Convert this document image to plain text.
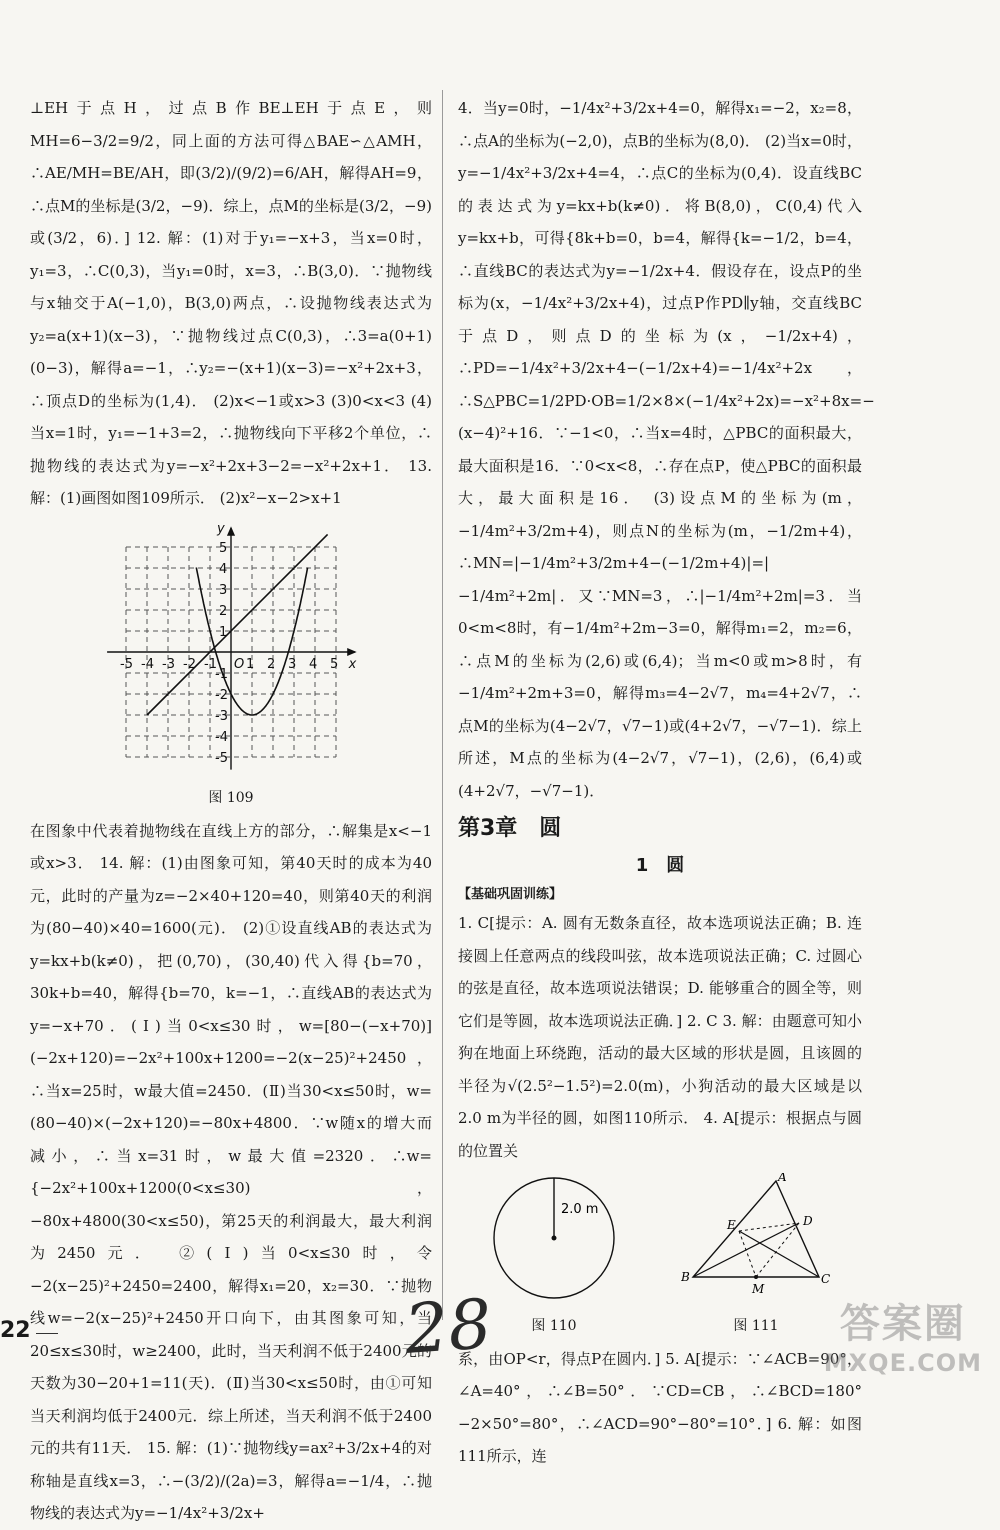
⊥EH于点H，过点B作BE⊥EH于点E，则MH=6−3/2=9/2，同上面的方法可得△BAE∽△AMH，∴AE/MH=BE/AH，即(3/2)/(9/2)=6/AH，解得AH=9，∴点M的坐标是(3/2，−9)．综上，点M的坐标是(3/2，−9)或(3/2，6)．] 12. 解：(1)对于y₁=−x+3，当x=0时，y₁=3，∴C(0,3)，当y₁=0时，x=3，∴B(3,0)．∵抛物线与x轴交于A(−1,0)，B(3,0)两点，∴设抛物线表达式为y₂=a(x+1)(x−3)，∵抛物线过点C(0,3)，∴3=a(0+1)(0−3)，解得a=−1，∴y₂=−(x+1)(x−3)=−x²+2x+3，∴顶点D的坐标为(1,4)． (2)x<−1或x>3 (3)0<x<3 (4)当x=1时，y₁=−1+3=2，∴抛物线向下平移2个单位，∴抛物线的表达式为y=−x²+2x+3−2=−x²+2x+1． 13. 解：(1)画图如图109所示． (2)x²−x−2>x+1

-5 -4 -3 -2 -1 1 2 3 4 5
5
4
3
2
1
-1
-2
-3
-4
-5
O	x
y
图 109

在图象中代表着抛物线在直线上方的部分，∴解集是x<−1或x>3． 14. 解：(1)由图象可知，第40天时的成本为40元，此时的产量为z=−2×40+120=40，则第40天的利润为(80−40)×40=1600(元)． (2)①设直线AB的表达式为y=kx+b(k≠0)，把(0,70)，(30,40)代入得{b=70，30k+b=40，解得{b=70，k=−1，∴直线AB的表达式为y=−x+70．(Ⅰ)当0<x≤30时，w=[80−(−x+70)](−2x+120)=−2x²+100x+1200=−2(x−25)²+2450，∴当x=25时，w最大值=2450．(Ⅱ)当30<x≤50时，w=(80−40)×(−2x+120)=−80x+4800．∵w随x的增大而减小，∴当x=31时，w最大值=2320．∴w={−2x²+100x+1200(0<x≤30)，−80x+4800(30<x≤50)，第25天的利润最大，最大利润为2450元． ②(Ⅰ)当0<x≤30时，令−2(x−25)²+2450=2400，解得x₁=20，x₂=30．∵抛物线w=−2(x−25)²+2450开口向下，由其图象可知，当20≤x≤30时，w≥2400，此时，当天利润不低于2400元的天数为30−20+1=11(天)．(Ⅱ)当30<x≤50时，由①可知当天利润均低于2400元．综上所述，当天利润不低于2400元的共有11天． 15. 解：(1)∵抛物线y=ax²+3/2x+4的对称轴是直线x=3，∴−(3/2)/(2a)=3，解得a=−1/4，∴抛物线的表达式为y=−1/4x²+3/2x+

4．当y=0时，−1/4x²+3/2x+4=0，解得x₁=−2，x₂=8，∴点A的坐标为(−2,0)，点B的坐标为(8,0)． (2)当x=0时，y=−1/4x²+3/2x+4=4，∴点C的坐标为(0,4)．设直线BC的表达式为y=kx+b(k≠0)．将B(8,0)，C(0,4)代入y=kx+b，可得{8k+b=0，b=4，解得{k=−1/2，b=4，∴直线BC的表达式为y=−1/2x+4．假设存在，设点P的坐标为(x，−1/4x²+3/2x+4)，过点P作PD∥y轴，交直线BC于点D，则点D的坐标为(x，−1/2x+4)，∴PD=−1/4x²+3/2x+4−(−1/2x+4)=−1/4x²+2x，∴S△PBC=1/2PD·OB=1/2×8×(−1/4x²+2x)=−x²+8x=−(x−4)²+16．∵−1<0，∴当x=4时，△PBC的面积最大，最大面积是16．∵0<x<8，∴存在点P，使△PBC的面积最大，最大面积是16． (3)设点M的坐标为(m，−1/4m²+3/2m+4)，则点N的坐标为(m，−1/2m+4)，∴MN=|−1/4m²+3/2m+4−(−1/2m+4)|=|−1/4m²+2m|．又∵MN=3，∴|−1/4m²+2m|=3．当0<m<8时，有−1/4m²+2m−3=0，解得m₁=2，m₂=6，∴点M的坐标为(2,6)或(6,4)；当m<0或m>8时，有−1/4m²+2m+3=0，解得m₃=4−2√7，m₄=4+2√7，∴点M的坐标为(4−2√7，√7−1)或(4+2√7，−√7−1)．综上所述，M点的坐标为(4−2√7，√7−1)，(2,6)，(6,4)或(4+2√7，−√7−1)．

第3章　圆
1　圆
【基础巩固训练】

1. C[提示：A. 圆有无数条直径，故本选项说法正确；B. 连接圆上任意两点的线段叫弦，故本选项说法正确；C. 过圆心的弦是直径，故本选项说法错误；D. 能够重合的圆全等，则它们是等圆，故本选项说法正确．] 2. C 3. 解：由题意可知小狗在地面上环绕跑，活动的最大区域的形状是圆，且该圆的半径为√(2.5²−1.5²)=2.0(m)，小狗活动的最大区域是以2.0 m为半径的圆，如图110所示． 4. A[提示：根据点与圆的位置关

2.0 m
图 110
A
B	C
D
E
M
图 111

系，由OP<r，得点P在圆内．] 5. A[提示：∵∠ACB=90°，∠A=40°，∴∠B=50°．∵CD=CB，∴∠BCD=180°−2×50°=80°，∴∠ACD=90°−80°=10°．] 6. 解：如图111所示，连

22	28	答案圈
MXQE.COM
